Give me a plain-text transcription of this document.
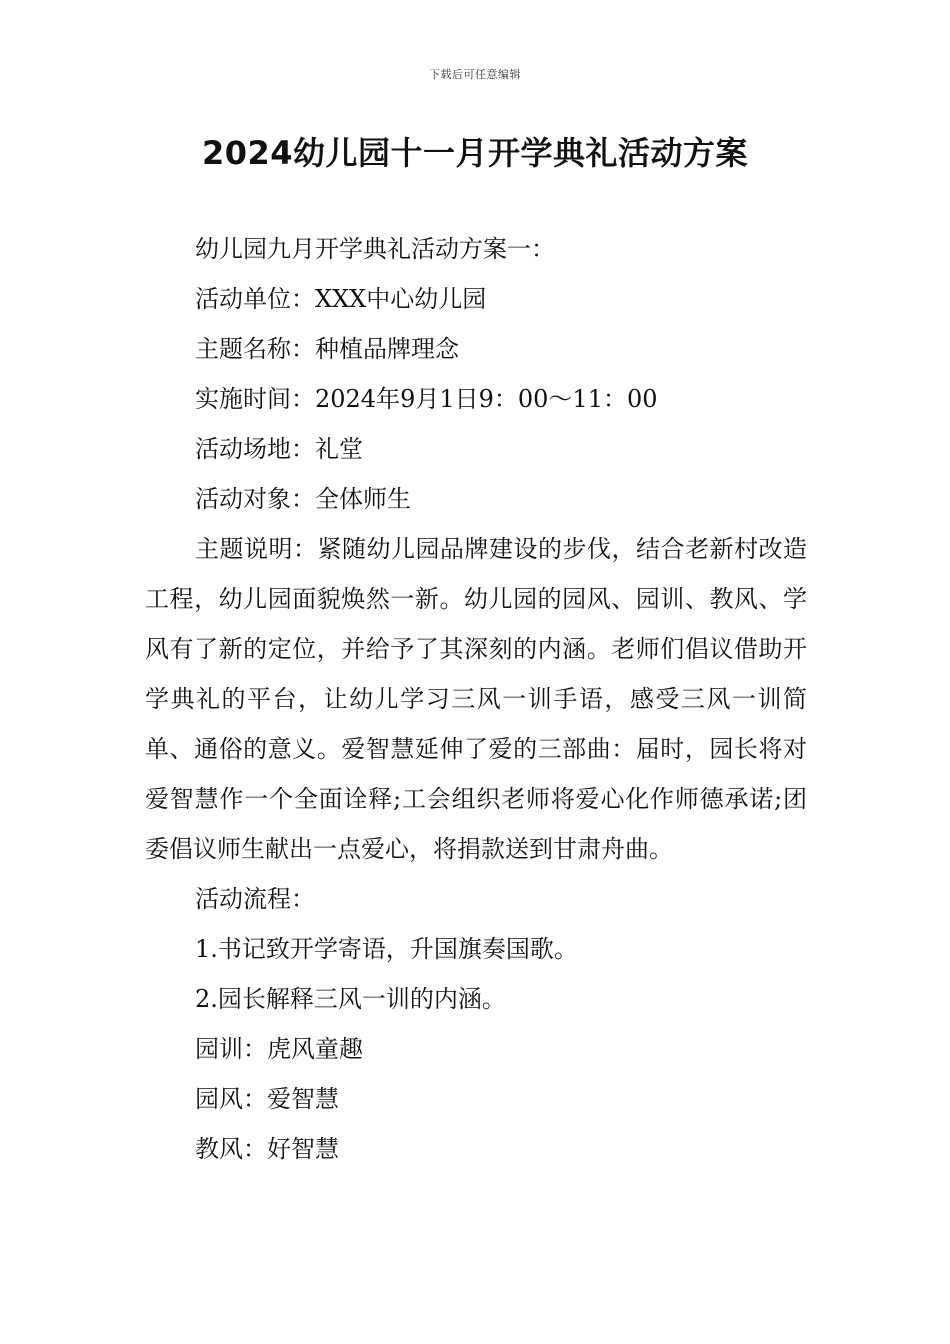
下载后可任意编辑
2024幼儿园十一月开学典礼活动方案

幼儿园九月开学典礼活动方案一：

活动单位：XXX中心幼儿园

主题名称：种植品牌理念

实施时间：2024年9月1日9：00～11：00

活动场地：礼堂

活动对象：全体师生

主题说明：紧随幼儿园品牌建设的步伐，结合老新村改造工程，幼儿园面貌焕然一新。幼儿园的园风、园训、教风、学风有了新的定位，并给予了其深刻的内涵。老师们倡议借助开学典礼的平台，让幼儿学习三风一训手语，感受三风一训简单、通俗的意义。爱智慧延伸了爱的三部曲：届时，园长将对爱智慧作一个全面诠释;工会组织老师将爱心化作师德承诺;团委倡议师生献出一点爱心，将捐款送到甘肃舟曲。

活动流程：

1.书记致开学寄语，升国旗奏国歌。

2.园长解释三风一训的内涵。

园训：虎风童趣

园风：爱智慧

教风：好智慧
